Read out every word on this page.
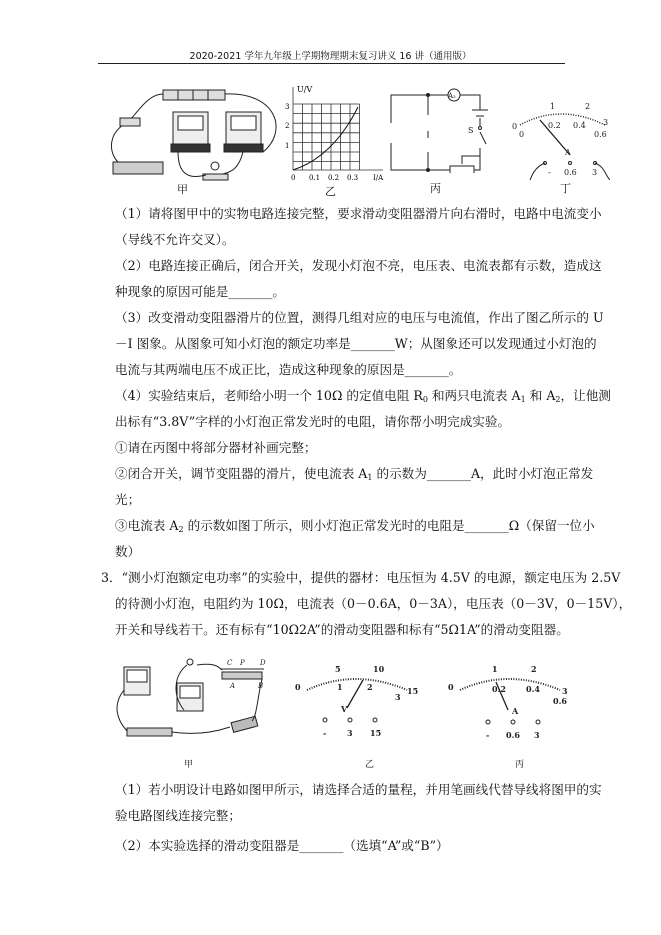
2020-2021 学年九年级上学期物理期末复习讲义 16 讲（通用版）
甲
U/V
I/A
1
2
3
0 0.1 0.2 0.3
乙
A₂
S
丙
0
1	2
3
0
0.2 0.4
0.6
A
- 0.6 3
丁
（1）请将图甲中的实物电路连接完整，要求滑动变阻器滑片向右滑时，电路中电流变小
（导线不允许交叉）。
（2）电路连接正确后，闭合开关，发现小灯泡不亮，电压表、电流表都有示数，造成这
种现象的原因可能是_______。
（3）改变滑动变阻器滑片的位置，测得几组对应的电压与电流值，作出了图乙所示的 U
－I 图象。从图象可知小灯泡的额定功率是_______W；从图象还可以发现通过小灯泡的
电流与其两端电压不成正比，造成这种现象的原因是_______。
（4）实验结束后，老师给小明一个 10Ω 的定值电阻 $R_0$ 和两只电流表 $A_1$ 和 $A_2$，让他测
出标有“3.8V”字样的小灯泡正常发光时的电阻，请你帮小明完成实验。
①请在丙图中将部分器材补画完整；
②闭合开关，调节变阻器的滑片，使电流表 $A_1$ 的示数为_______A，此时小灯泡正常发
光；
③电流表 $A_2$ 的示数如图丁所示，则小灯泡正常发光时的电阻是_______Ω（保留一位小
数）
3．“测小灯泡额定电功率”的实验中，提供的器材：电压恒为 4.5V 的电源，额定电压为 2.5V
的待测小灯泡，电阻约为 10Ω，电流表（0－0.6A，0－3A），电压表（0－3V，0－15V），
开关和导线若干。还有标有“10Ω2A”的滑动变阻器和标有“5Ω1A”的滑动变阻器。
C P D
A	B
甲
0
5	10
15
1	2
3
V
-	3 15
乙
0
1	2
3
0.2	0.4
0.6
A
- 0.6 3
丙
（1）若小明设计电路如图甲所示，请选择合适的量程，并用笔画线代替导线将图甲的实
验电路图线连接完整；
（2）本实验选择的滑动变阻器是_______（选填“A”或“B”）
